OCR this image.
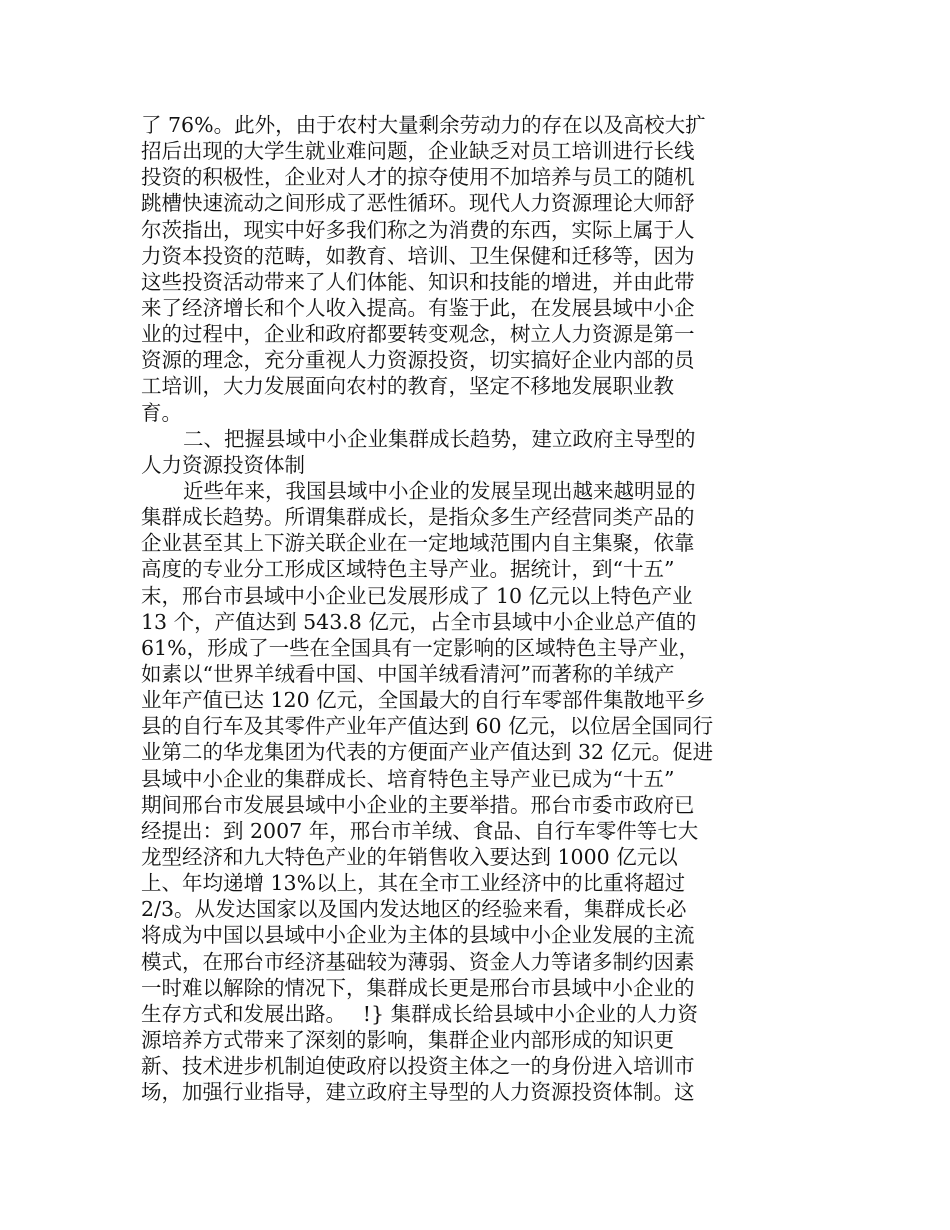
了 76%。此外，由于农村大量剩余劳动力的存在以及高校大扩
招后出现的大学生就业难问题，企业缺乏对员工培训进行长线
投资的积极性，企业对人才的掠夺使用不加培养与员工的随机
跳槽快速流动之间形成了恶性循环。现代人力资源理论大师舒
尔茨指出，现实中好多我们称之为消费的东西，实际上属于人
力资本投资的范畴，如教育、培训、卫生保健和迁移等，因为
这些投资活动带来了人们体能、知识和技能的增进，并由此带
来了经济增长和个人收入提高。有鉴于此，在发展县域中小企
业的过程中，企业和政府都要转变观念，树立人力资源是第一
资源的理念，充分重视人力资源投资，切实搞好企业内部的员
工培训，大力发展面向农村的教育，坚定不移地发展职业教
育。
二、把握县域中小企业集群成长趋势，建立政府主导型的
人力资源投资体制
近些年来，我国县域中小企业的发展呈现出越来越明显的
集群成长趋势。所谓集群成长，是指众多生产经营同类产品的
企业甚至其上下游关联企业在一定地域范围内自主集聚，依靠
高度的专业分工形成区域特色主导产业。据统计，到“十五”
末，邢台市县域中小企业已发展形成了 10 亿元以上特色产业
13 个，产值达到 543.8 亿元，占全市县域中小企业总产值的
61%，形成了一些在全国具有一定影响的区域特色主导产业，
如素以“世界羊绒看中国、中国羊绒看清河”而著称的羊绒产
业年产值已达 120 亿元，全国最大的自行车零部件集散地平乡
县的自行车及其零件产业年产值达到 60 亿元，以位居全国同行
业第二的华龙集团为代表的方便面产业产值达到 32 亿元。促进
县域中小企业的集群成长、培育特色主导产业已成为“十五”
期间邢台市发展县域中小企业的主要举措。邢台市委市政府已
经提出：到 2007 年，邢台市羊绒、食品、自行车零件等七大
龙型经济和九大特色产业的年销售收入要达到 1000 亿元以
上、年均递增 13%以上，其在全市工业经济中的比重将超过
2/3。从发达国家以及国内发达地区的经验来看，集群成长必
将成为中国以县域中小企业为主体的县域中小企业发展的主流
模式，在邢台市经济基础较为薄弱、资金人力等诸多制约因素
一时难以解除的情况下，集群成长更是邢台市县域中小企业的
生存方式和发展出路。　 !} 集群成长给县域中小企业的人力资
源培养方式带来了深刻的影响，集群企业内部形成的知识更
新、技术进步机制迫使政府以投资主体之一的身份进入培训市
场，加强行业指导，建立政府主导型的人力资源投资体制。这
